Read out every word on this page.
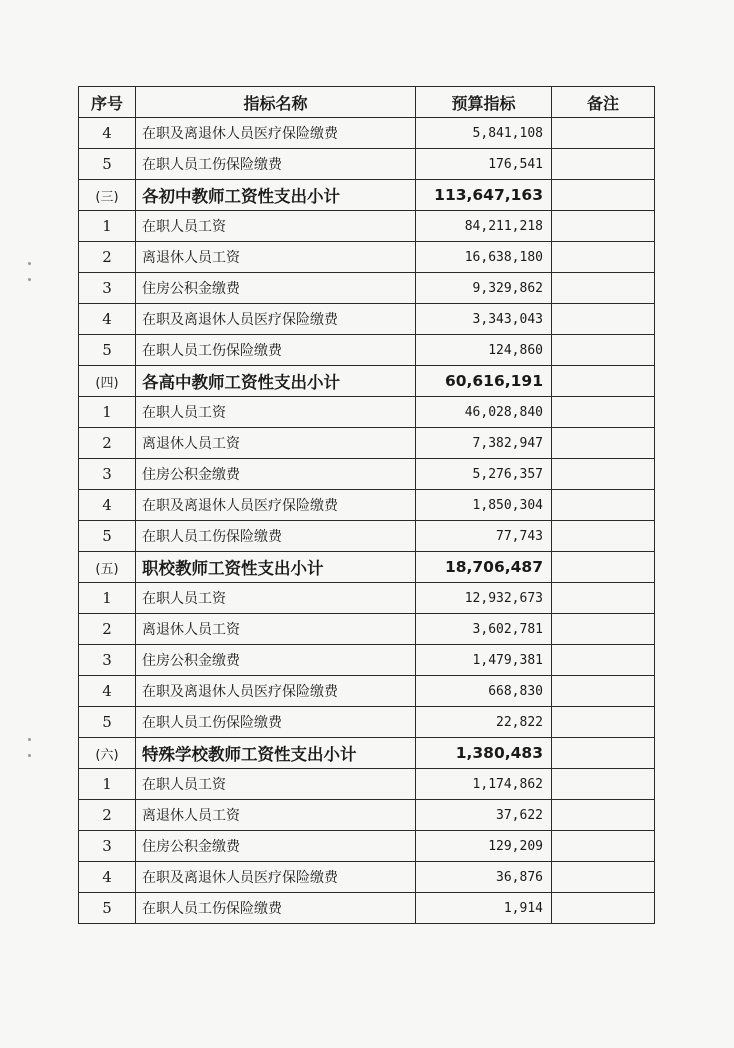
序号	指标名称	预算指标	备注
4	在职及离退休人员医疗保险缴费	5,841,108	
5	在职人员工伤保险缴费	176,541	
(三)	各初中教师工资性支出小计	113,647,163	
1	在职人员工资	84,211,218	
2	离退休人员工资	16,638,180	
3	住房公积金缴费	9,329,862	
4	在职及离退休人员医疗保险缴费	3,343,043	
5	在职人员工伤保险缴费	124,860	
(四)	各高中教师工资性支出小计	60,616,191	
1	在职人员工资	46,028,840	
2	离退休人员工资	7,382,947	
3	住房公积金缴费	5,276,357	
4	在职及离退休人员医疗保险缴费	1,850,304	
5	在职人员工伤保险缴费	77,743	
(五)	职校教师工资性支出小计	18,706,487	
1	在职人员工资	12,932,673	
2	离退休人员工资	3,602,781	
3	住房公积金缴费	1,479,381	
4	在职及离退休人员医疗保险缴费	668,830	
5	在职人员工伤保险缴费	22,822	
(六)	特殊学校教师工资性支出小计	1,380,483	
1	在职人员工资	1,174,862	
2	离退休人员工资	37,622	
3	住房公积金缴费	129,209	
4	在职及离退休人员医疗保险缴费	36,876	
5	在职人员工伤保险缴费	1,914	
